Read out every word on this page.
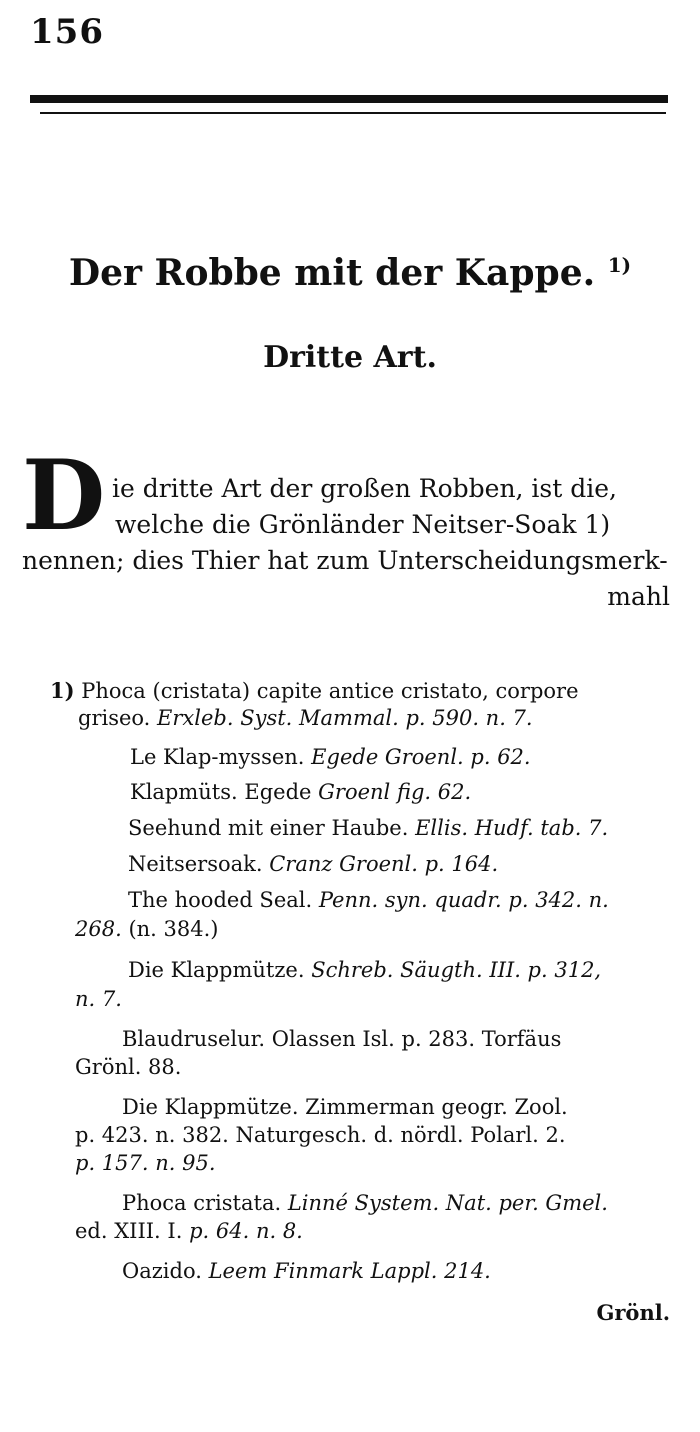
156
Der Robbe mit der Kappe. $^{1)}$
Dritte Art.
D ie dritte Art der großen Robben, ist die,
welche die Grönländer Neitser-Soak 1)
nennen; dies Thier hat zum Unterscheidungsmerk-
mahl
1) Phoca (cristata) capite antice cristato, corpore
griseo. Erxleb. Syst. Mammal. p. 590. n. 7.
Le Klap-myssen. Egede Groenl. p. 62.
Klapmüts. Egede Groenl fig. 62.
Seehund mit einer Haube. Ellis. Hudf. tab. 7.
Neitsersoak. Cranz Groenl. p. 164.
The hooded Seal. Penn. syn. quadr. p. 342. n.
268. (n. 384.)
Die Klappmütze. Schreb. Säugth. III. p. 312,
n. 7.
Blaudruselur. Olassen Isl. p. 283. Torfäus
Grönl. 88.
Die Klappmütze. Zimmerman geogr. Zool.
p. 423. n. 382. Naturgesch. d. nördl. Polarl. 2.
p. 157. n. 95.
Phoca cristata. Linné System. Nat. per. Gmel.
ed. XIII. I. p. 64. n. 8.
Oazido. Leem Finmark Lappl. 214.
Grönl.
